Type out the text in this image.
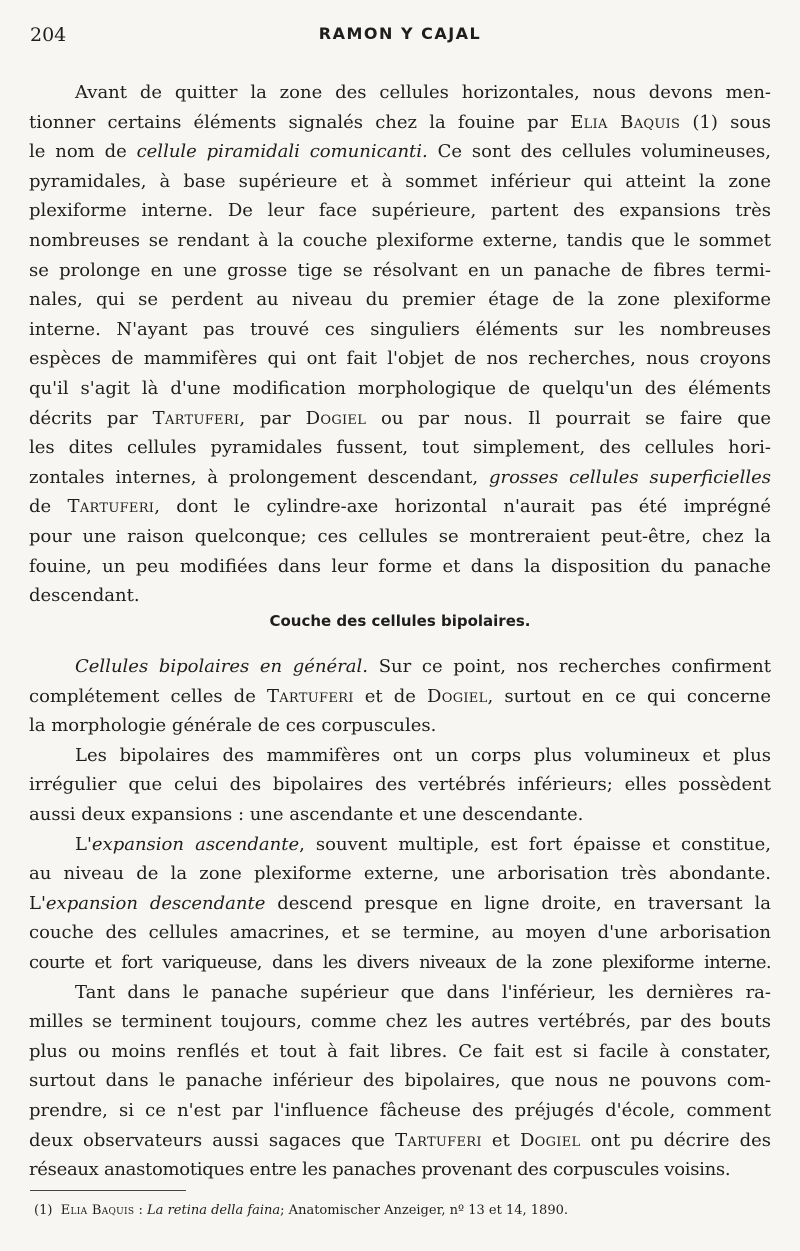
204	RAMON Y CAJAL
Avant de quitter la zone des cellules horizontales, nous devons men-
tionner certains éléments signalés chez la fouine par Elia Baquis (1) sous
le nom de cellule piramidali comunicanti. Ce sont des cellules volumineuses,
pyramidales, à base supérieure et à sommet inférieur qui atteint la zone
plexiforme interne. De leur face supérieure, partent des expansions très
nombreuses se rendant à la couche plexiforme externe, tandis que le sommet
se prolonge en une grosse tige se résolvant en un panache de fibres termi-
nales, qui se perdent au niveau du premier étage de la zone plexiforme
interne. N'ayant pas trouvé ces singuliers éléments sur les nombreuses
espèces de mammifères qui ont fait l'objet de nos recherches, nous croyons
qu'il s'agit là d'une modification morphologique de quelqu'un des éléments
décrits par Tartuferi, par Dogiel ou par nous. Il pourrait se faire que
les dites cellules pyramidales fussent, tout simplement, des cellules hori-
zontales internes, à prolongement descendant, grosses cellules superficielles
de Tartuferi, dont le cylindre-axe horizontal n'aurait pas été imprégné
pour une raison quelconque; ces cellules se montreraient peut-être, chez la
fouine, un peu modifiées dans leur forme et dans la disposition du panache
descendant.
Couche des cellules bipolaires.
Cellules bipolaires en général. Sur ce point, nos recherches confirment
complétement celles de Tartuferi et de Dogiel, surtout en ce qui concerne
la morphologie générale de ces corpuscules.
Les bipolaires des mammifères ont un corps plus volumineux et plus
irrégulier que celui des bipolaires des vertébrés inférieurs; elles possèdent
aussi deux expansions : une ascendante et une descendante.
L'expansion ascendante, souvent multiple, est fort épaisse et constitue,
au niveau de la zone plexiforme externe, une arborisation très abondante.
L'expansion descendante descend presque en ligne droite, en traversant la
couche des cellules amacrines, et se termine, au moyen d'une arborisation
courte et fort variqueuse, dans les divers niveaux de la zone plexiforme interne.
Tant dans le panache supérieur que dans l'inférieur, les dernières ra-
milles se terminent toujours, comme chez les autres vertébrés, par des bouts
plus ou moins renflés et tout à fait libres. Ce fait est si facile à constater,
surtout dans le panache inférieur des bipolaires, que nous ne pouvons com-
prendre, si ce n'est par l'influence fâcheuse des préjugés d'école, comment
deux observateurs aussi sagaces que Tartuferi et Dogiel ont pu décrire des
réseaux anastomotiques entre les panaches provenant des corpuscules voisins.
(1) Elia Baquis : La retina della faina; Anatomischer Anzeiger, nº 13 et 14, 1890.
